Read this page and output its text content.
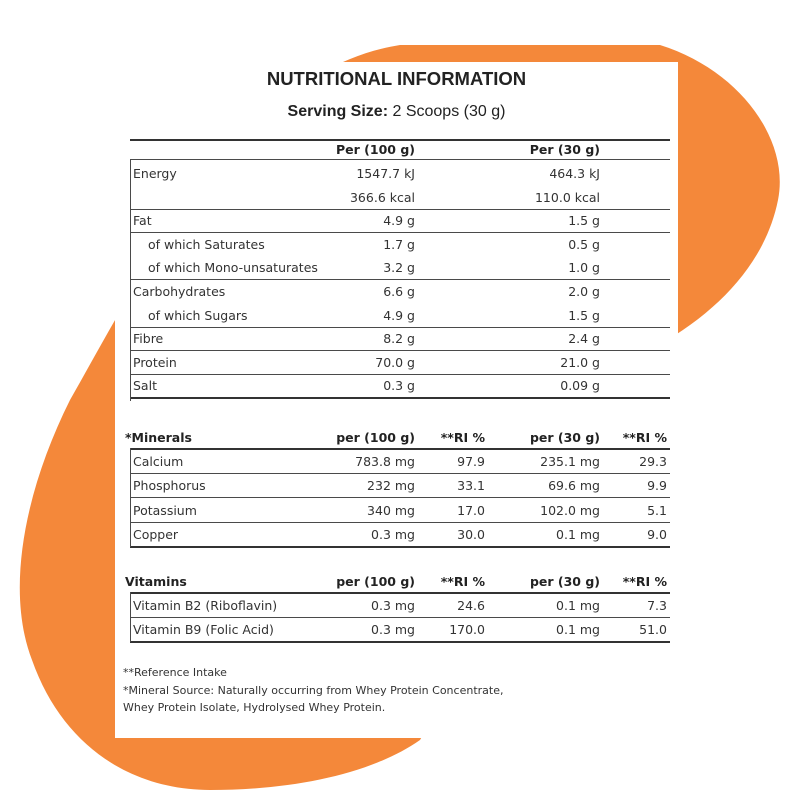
NUTRITIONAL INFORMATION
Serving Size: 2 Scoops (30 g)
Per (100 g)	Per (30 g)
Energy	1547.7 kJ	464.3 kJ
366.6 kcal	110.0 kcal
Fat	4.9 g	1.5 g
of which Saturates	1.7 g	0.5 g
of which Mono-unsaturates	3.2 g	1.0 g
Carbohydrates	6.6 g	2.0 g
of which Sugars	4.9 g	1.5 g
Fibre	8.2 g	2.4 g
Protein	70.0 g	21.0 g
Salt	0.3 g	0.09 g
*Minerals	per (100 g)	**RI %	per (30 g)	**RI %
Calcium	783.8 mg	97.9	235.1 mg	29.3
Phosphorus	232 mg	33.1	69.6 mg	9.9
Potassium	340 mg	17.0	102.0 mg	5.1
Copper	0.3 mg	30.0	0.1 mg	9.0
Vitamins	per (100 g)	**RI %	per (30 g)	**RI %
Vitamin B2 (Riboflavin)	0.3 mg	24.6	0.1 mg	7.3
Vitamin B9 (Folic Acid)	0.3 mg	170.0	0.1 mg	51.0
**Reference Intake
*Mineral Source: Naturally occurring from Whey Protein Concentrate,
Whey Protein Isolate, Hydrolysed Whey Protein.
